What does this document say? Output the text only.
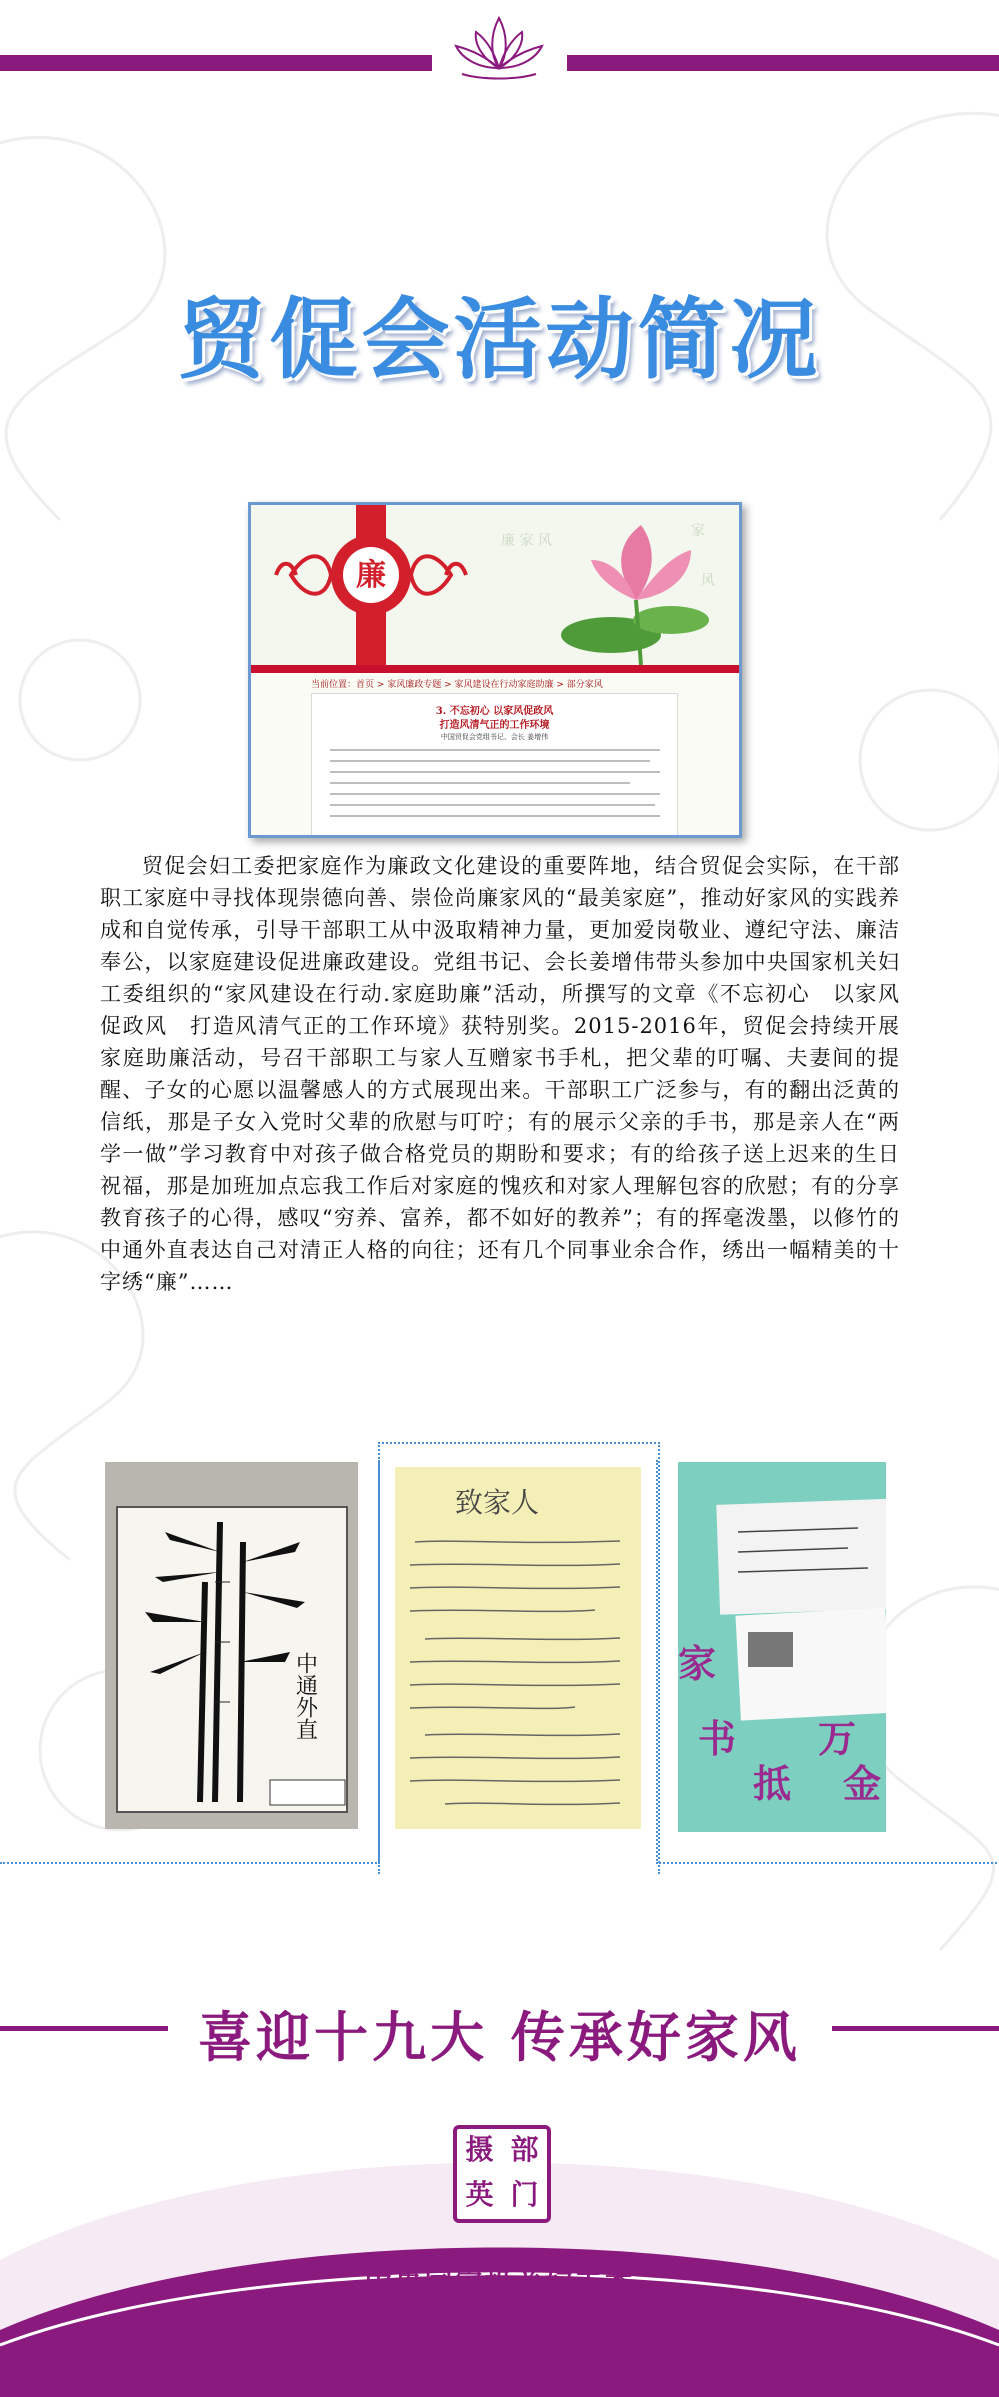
贸促会活动简况
廉
廉 家 风
家
风
当前位置：首页 > 家风廉政专题 > 家风建设在行动家庭助廉 > 部分家风
3. 不忘初心 以家风促政风
打造风清气正的工作环境
中国贸促会党组书记、会长 姜增伟
贸促会妇工委把家庭作为廉政文化建设的重要阵地，结合贸促会实际，在干部职工家庭中寻找体现崇德向善、崇俭尚廉家风的“最美家庭”，推动好家风的实践养成和自觉传承，引导干部职工从中汲取精神力量，更加爱岗敬业、遵纪守法、廉洁奉公，以家庭建设促进廉政建设。党组书记、会长姜增伟带头参加中央国家机关妇工委组织的“家风建设在行动.家庭助廉”活动，所撰写的文章《不忘初心　以家风促政风　打造风清气正的工作环境》获特别奖。2015-2016年，贸促会持续开展家庭助廉活动，号召干部职工与家人互赠家书手札，把父辈的叮嘱、夫妻间的提醒、子女的心愿以温馨感人的方式展现出来。干部职工广泛参与，有的翻出泛黄的信纸，那是子女入党时父辈的欣慰与叮咛；有的展示父亲的手书，那是亲人在“两学一做”学习教育中对孩子做合格党员的期盼和要求；有的给孩子送上迟来的生日祝福，那是加班加点忘我工作后对家庭的愧疚和对家人理解包容的欣慰；有的分享教育孩子的心得，感叹“穷养、富养，都不如好的教养”；有的挥毫泼墨，以修竹的中通外直表达自己对清正人格的向往；还有几个同事业余合作，绣出一幅精美的十字绣“廉”……
中通外直
致家人
家
书 万
抵 金
喜迎十九大 传承好家风
摄 部
英 门
中央国家机关妇工委
